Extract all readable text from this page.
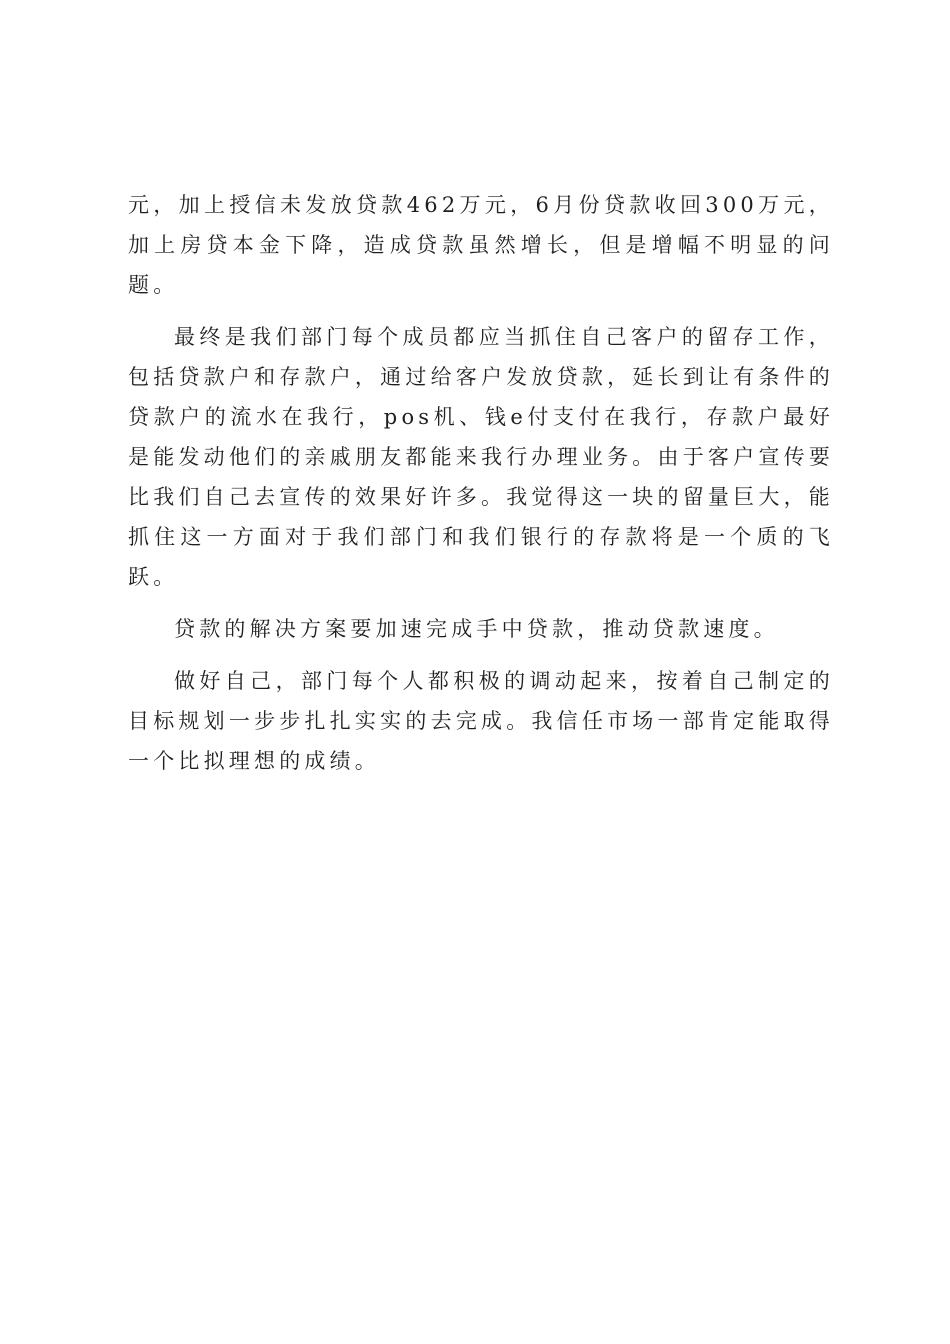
元，加上授信未发放贷款462万元，6月份贷款收回300万元，加上房贷本金下降，造成贷款虽然增长，但是增幅不明显的问题。

最终是我们部门每个成员都应当抓住自己客户的留存工作，包括贷款户和存款户，通过给客户发放贷款，延长到让有条件的贷款户的流水在我行，pos机、钱e付支付在我行，存款户最好是能发动他们的亲戚朋友都能来我行办理业务。由于客户宣传要比我们自己去宣传的效果好许多。我觉得这一块的留量巨大，能抓住这一方面对于我们部门和我们银行的存款将是一个质的飞跃。

贷款的解决方案要加速完成手中贷款，推动贷款速度。

做好自己，部门每个人都积极的调动起来，按着自己制定的目标规划一步步扎扎实实的去完成。我信任市场一部肯定能取得一个比拟理想的成绩。
